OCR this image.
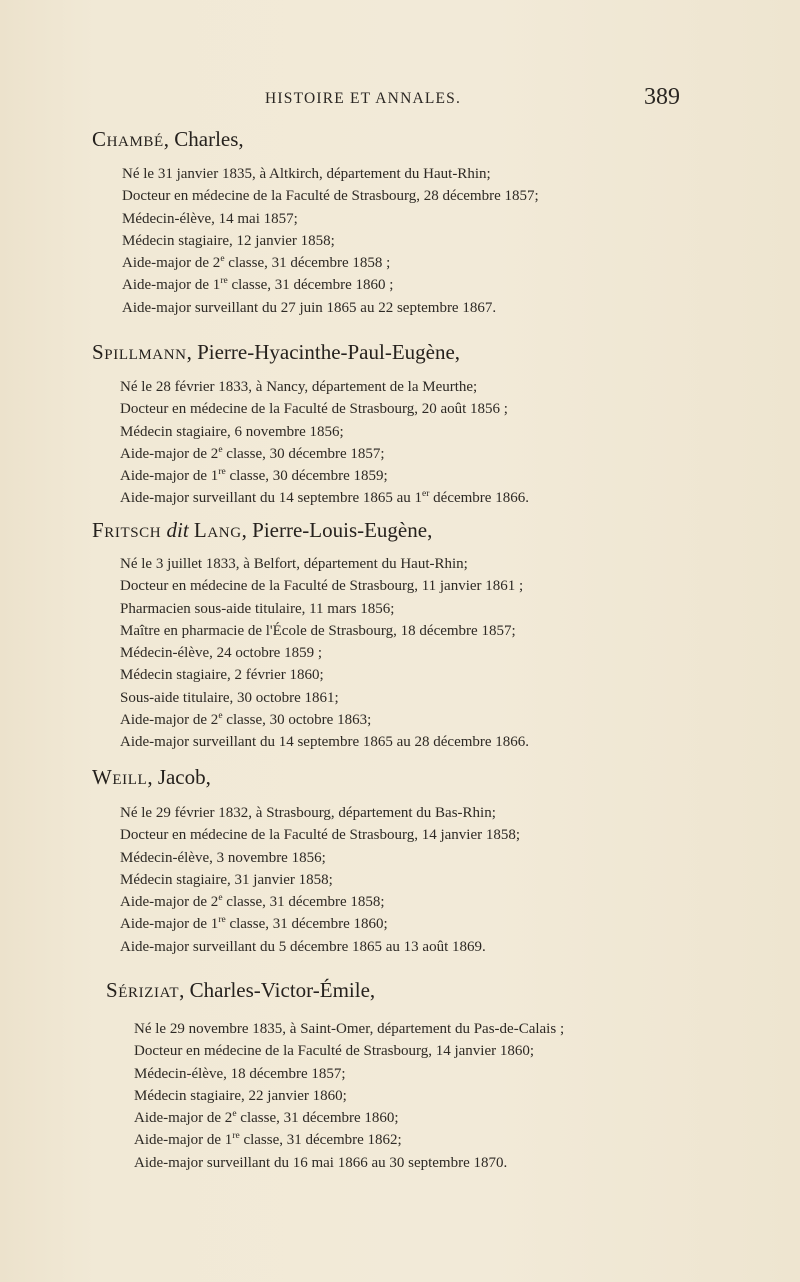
HISTOIRE ET ANNALES.	389
Chambé, Charles,
Né le 31 janvier 1835, à Altkirch, département du Haut-Rhin;
Docteur en médecine de la Faculté de Strasbourg, 28 décembre 1857;
Médecin-élève, 14 mai 1857;
Médecin stagiaire, 12 janvier 1858;
Aide-major de 2e classe, 31 décembre 1858 ;
Aide-major de 1re classe, 31 décembre 1860 ;
Aide-major surveillant du 27 juin 1865 au 22 septembre 1867.
Spillmann, Pierre-Hyacinthe-Paul-Eugène,
Né le 28 février 1833, à Nancy, département de la Meurthe;
Docteur en médecine de la Faculté de Strasbourg, 20 août 1856 ;
Médecin stagiaire, 6 novembre 1856;
Aide-major de 2e classe, 30 décembre 1857;
Aide-major de 1re classe, 30 décembre 1859;
Aide-major surveillant du 14 septembre 1865 au 1er décembre 1866.
Fritsch dit Lang, Pierre-Louis-Eugène,
Né le 3 juillet 1833, à Belfort, département du Haut-Rhin;
Docteur en médecine de la Faculté de Strasbourg, 11 janvier 1861 ;
Pharmacien sous-aide titulaire, 11 mars 1856;
Maître en pharmacie de l'École de Strasbourg, 18 décembre 1857;
Médecin-élève, 24 octobre 1859 ;
Médecin stagiaire, 2 février 1860;
Sous-aide titulaire, 30 octobre 1861;
Aide-major de 2e classe, 30 octobre 1863;
Aide-major surveillant du 14 septembre 1865 au 28 décembre 1866.
Weill, Jacob,
Né le 29 février 1832, à Strasbourg, département du Bas-Rhin;
Docteur en médecine de la Faculté de Strasbourg, 14 janvier 1858;
Médecin-élève, 3 novembre 1856;
Médecin stagiaire, 31 janvier 1858;
Aide-major de 2e classe, 31 décembre 1858;
Aide-major de 1re classe, 31 décembre 1860;
Aide-major surveillant du 5 décembre 1865 au 13 août 1869.
Sériziat, Charles-Victor-Émile,
Né le 29 novembre 1835, à Saint-Omer, département du Pas-de-Calais ;
Docteur en médecine de la Faculté de Strasbourg, 14 janvier 1860;
Médecin-élève, 18 décembre 1857;
Médecin stagiaire, 22 janvier 1860;
Aide-major de 2e classe, 31 décembre 1860;
Aide-major de 1re classe, 31 décembre 1862;
Aide-major surveillant du 16 mai 1866 au 30 septembre 1870.
